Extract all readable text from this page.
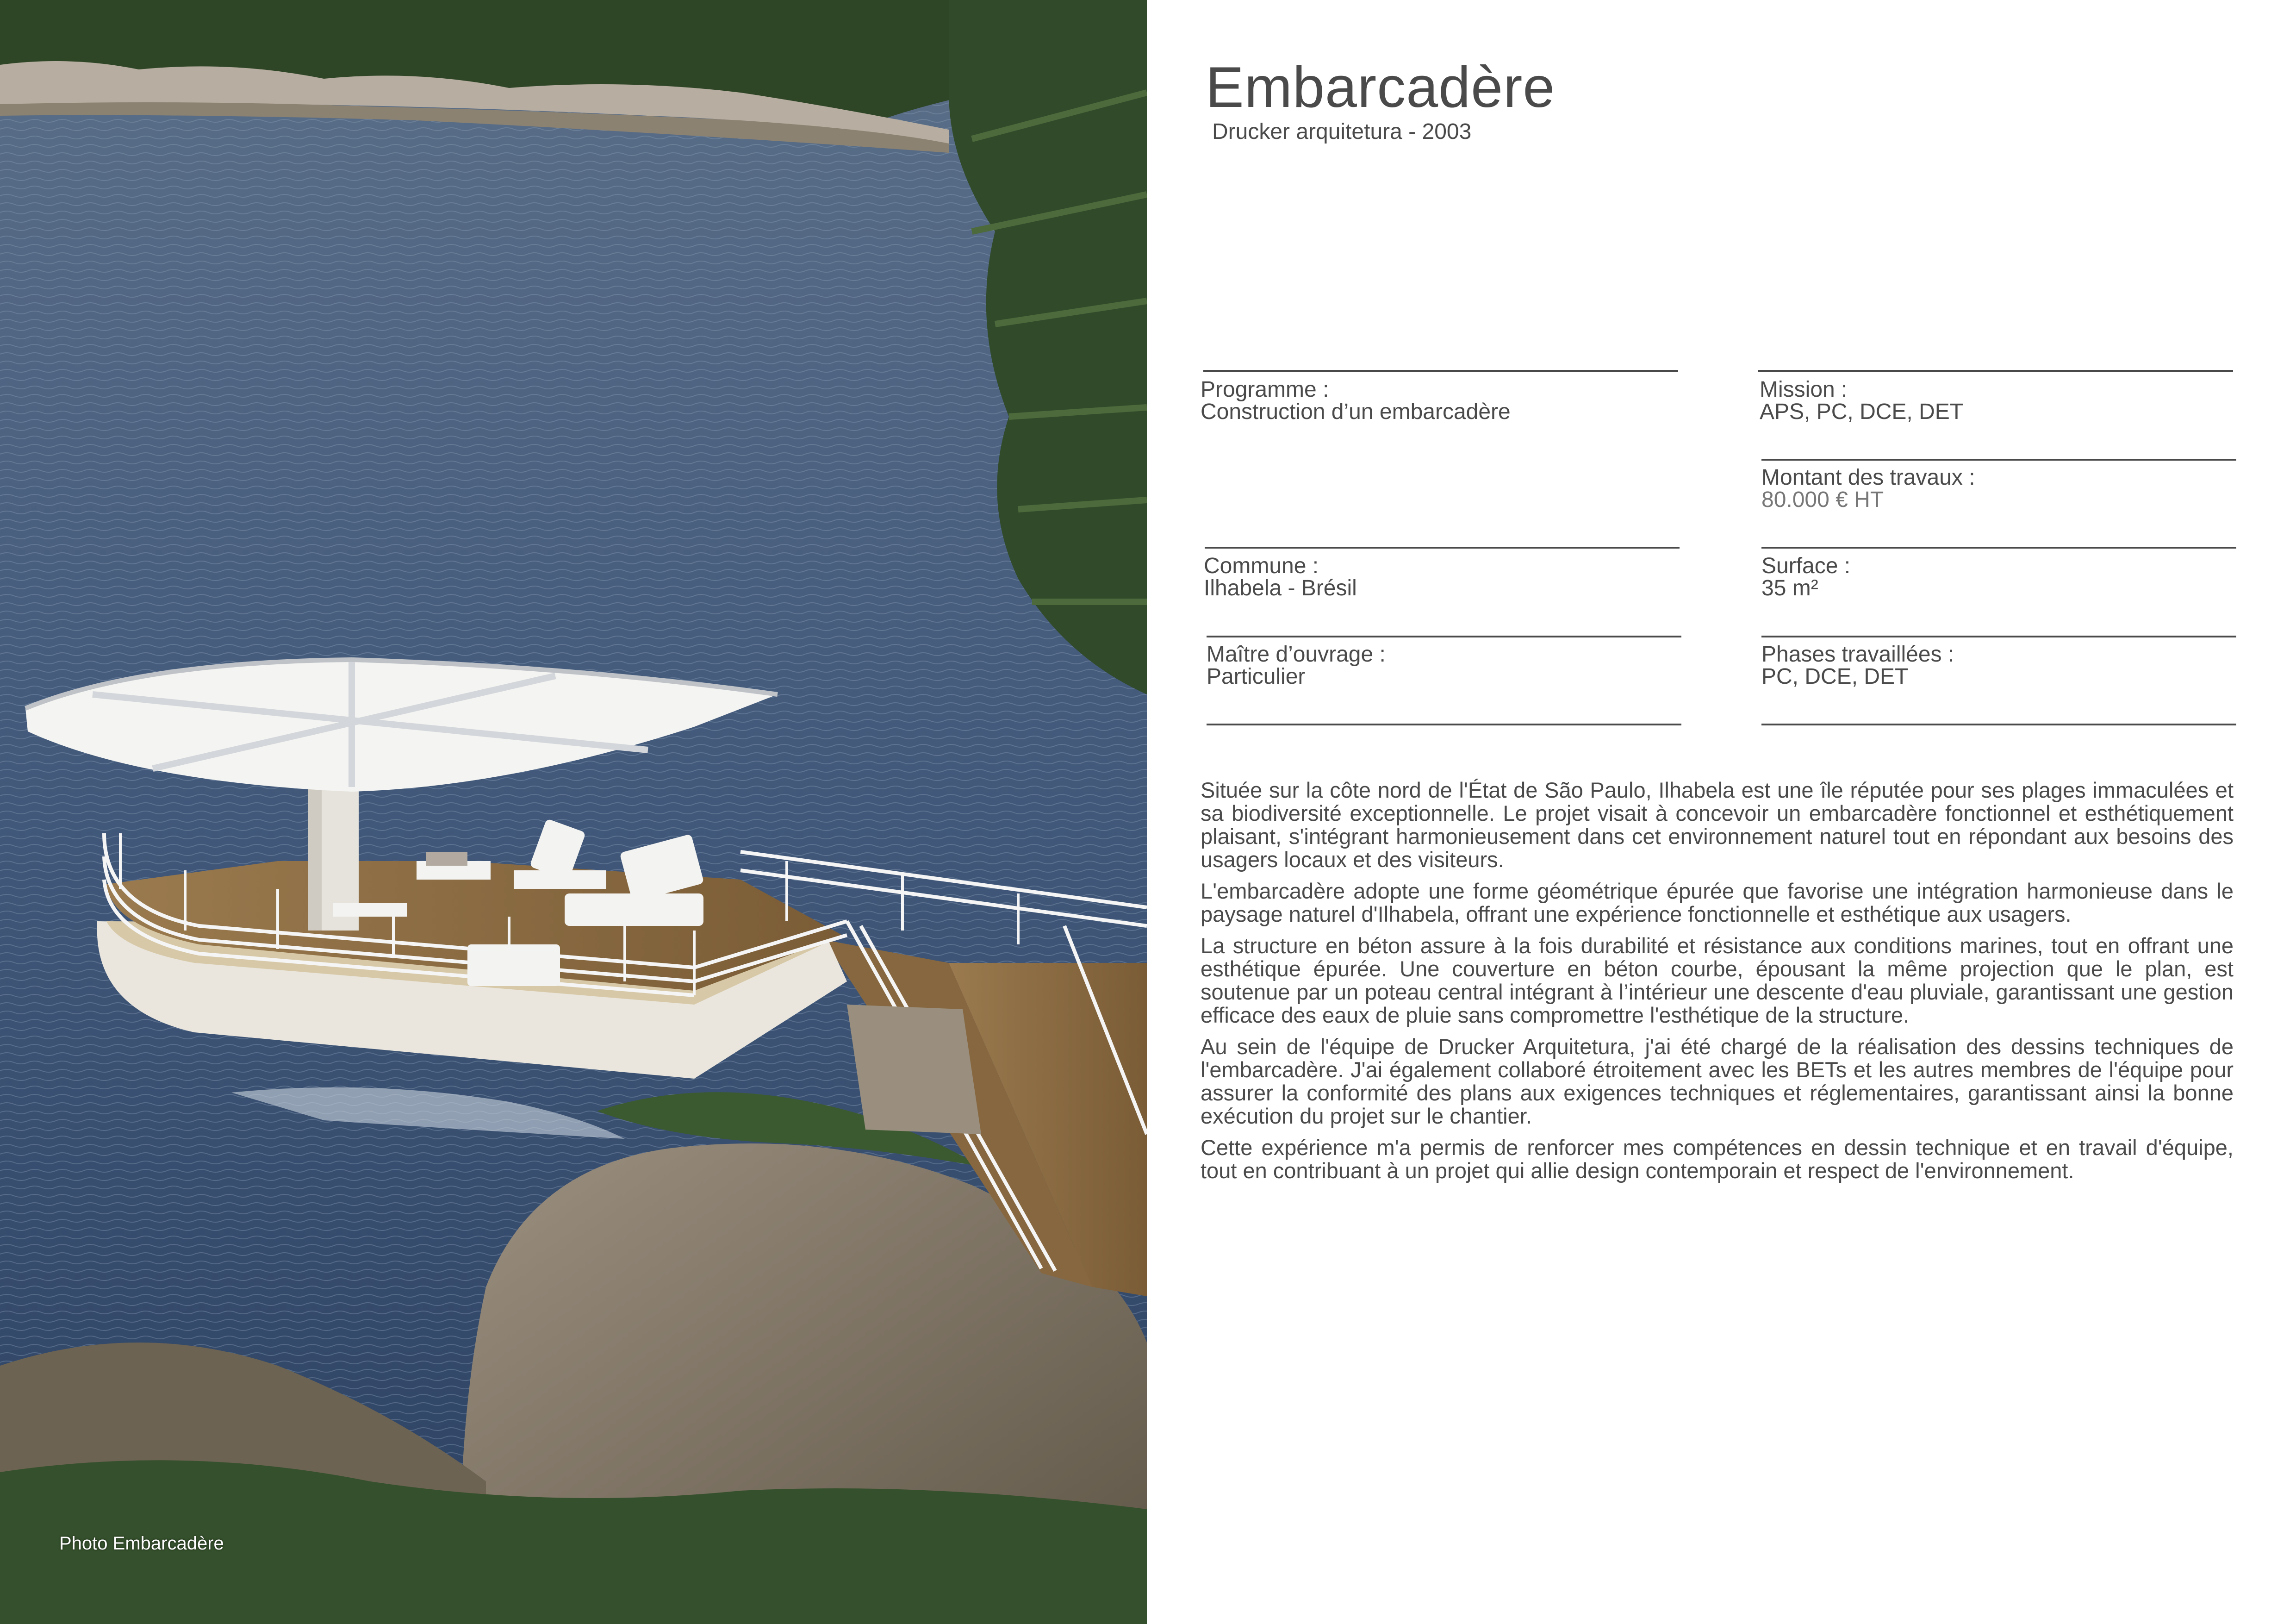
Photo Embarcadère
Embarcadère
Drucker arquitetura - 2003
Programme :
Construction d’un embarcadère
Mission :
APS, PC, DCE, DET
Montant des travaux :
80.000 € HT
Commune :
Ilhabela - Brésil
Surface :
35 m²
Maître d’ouvrage :
Particulier
Phases travaillées :
PC, DCE, DET

Située sur la côte nord de l'État de São Paulo, Ilhabela est une île réputée pour ses plages immaculées et sa biodiversité exceptionnelle. Le projet visait à concevoir un embarcadère fonctionnel et esthétiquement plaisant, s'intégrant harmonieusement dans cet environnement naturel tout en répondant aux besoins des usagers locaux et des visiteurs.

L'embarcadère adopte une forme géométrique épurée que favorise une intégration harmonieuse dans le paysage naturel d'Ilhabela, offrant une expérience fonctionnelle et esthétique aux usagers.

La structure en béton assure à la fois durabilité et résistance aux conditions marines, tout en offrant une esthétique épurée. Une couverture en béton courbe, épousant la même projection que le plan, est soutenue par un poteau central intégrant à l’intérieur une descente d'eau pluviale, garantissant une gestion efficace des eaux de pluie sans compromettre l'esthétique de la structure.

Au sein de l'équipe de Drucker Arquitetura, j'ai été chargé de la réalisation des dessins techniques de l'embarcadère. J'ai également collaboré étroitement avec les BETs et les autres membres de l'équipe pour assurer la conformité des plans aux exigences techniques et réglementaires, garantissant ainsi la bonne exécution du projet sur le chantier.

Cette expérience m'a permis de renforcer mes compétences en dessin technique et en travail d'équipe, tout en contribuant à un projet qui allie design contemporain et respect de l'environnement.
